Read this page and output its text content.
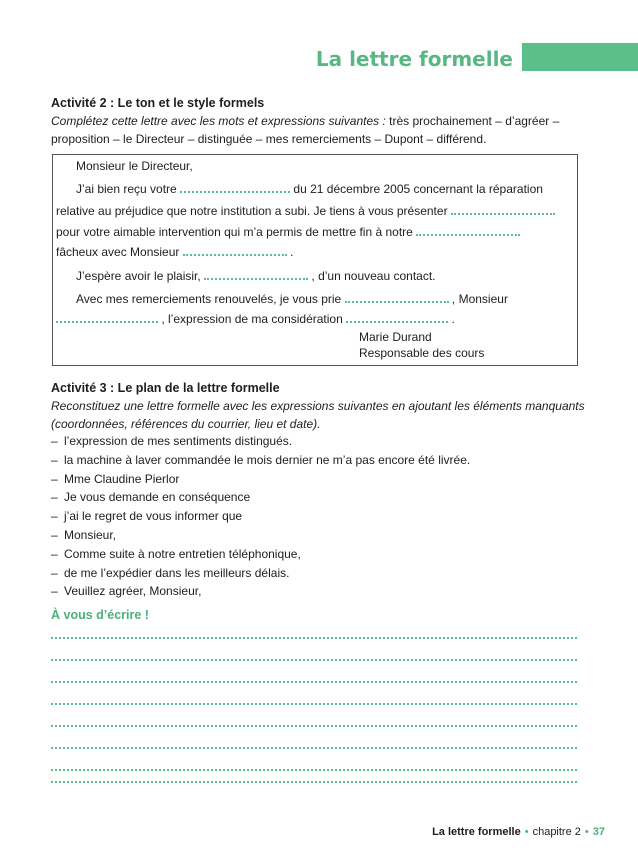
La lettre formelle
Activité 2 : Le ton et le style formels
Complétez cette lettre avec les mots et expressions suivantes : très prochainement – d’agréer –
proposition – le Directeur – distinguée – mes remerciements – Dupont – différend.
Monsieur le Directeur,
J’ai bien reçu votre	du 21 décembre 2005 concernant la réparation
relative au préjudice que notre institution a subi. Je tiens à vous présenter
pour votre aimable intervention qui m’a permis de mettre fin à notre
fâcheux avec Monsieur	.
J’espère avoir le plaisir,	, d’un nouveau contact.
Avec mes remerciements renouvelés, je vous prie	, Monsieur
, l’expression de ma considération	.
Marie Durand
Responsable des cours
Activité 3 : Le plan de la lettre formelle
Reconstituez une lettre formelle avec les expressions suivantes en ajoutant les éléments manquants
(coordonnées, références du courrier, lieu et date).
– l’expression de mes sentiments distingués.
– la machine à laver commandée le mois dernier ne m’a pas encore été livrée.
– Mme Claudine Pierlor
– Je vous demande en conséquence
– j’ai le regret de vous informer que
– Monsieur,
– Comme suite à notre entretien téléphonique,
– de me l’expédier dans les meilleurs délais.
– Veuillez agréer, Monsieur,
À vous d’écrire !
La lettre formelle • chapitre 2 • 37
